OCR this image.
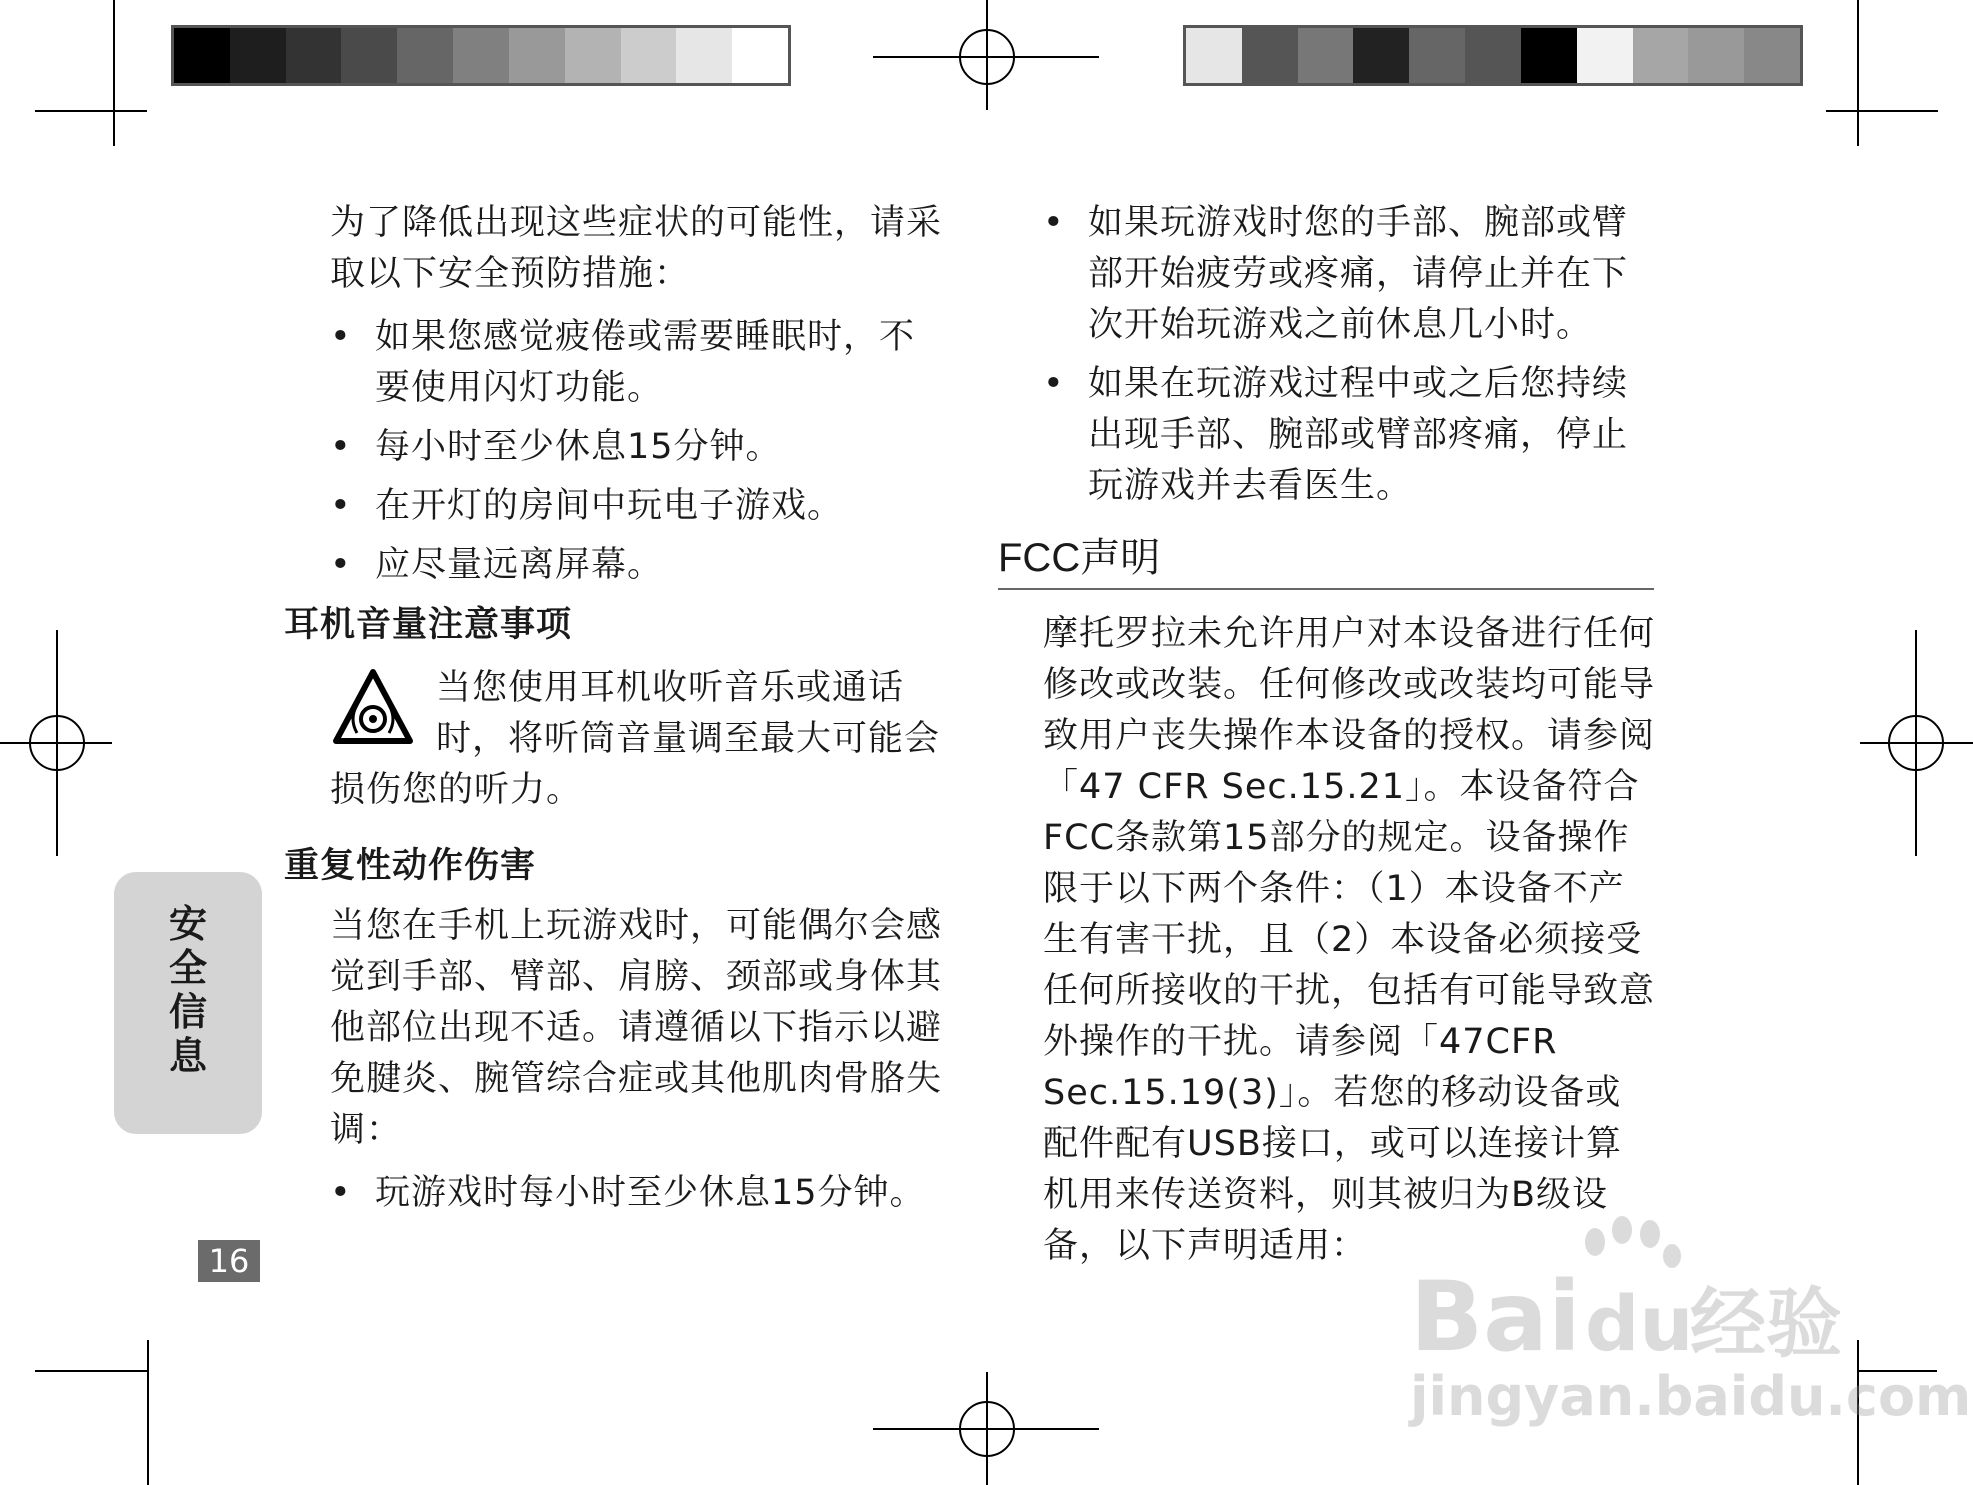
为了降低出现这些症状的可能性，请采取以下安全预防措施：

• 如果您感觉疲倦或需要睡眠时，不要使用闪灯功能。
• 每小时至少休息15分钟。
• 在开灯的房间中玩电子游戏。
• 应尽量远离屏幕。
耳机音量注意事项

当您使用耳机收听音乐或通话时，将听筒音量调至最大可能会损伤您的听力。

重复性动作伤害

当您在手机上玩游戏时，可能偶尔会感觉到手部、臂部、肩膀、颈部或身体其他部位出现不适。请遵循以下指示以避免腱炎、腕管综合症或其他肌肉骨胳失调：

• 玩游戏时每小时至少休息15分钟。
• 如果玩游戏时您的手部、腕部或臂部开始疲劳或疼痛，请停止并在下次开始玩游戏之前休息几小时。
• 如果在玩游戏过程中或之后您持续出现手部、腕部或臂部疼痛，停止玩游戏并去看医生。
FCC声明

摩托罗拉未允许用户对本设备进行任何修改或改装。任何修改或改装均可能导致用户丧失操作本设备的授权。请参阅「47 CFR Sec.15.21」。本设备符合FCC条款第15部分的规定。设备操作限于以下两个条件：（1）本设备不产生有害干扰，且（2）本设备必须接受任何所接收的干扰，包括有可能导致意外操作的干扰。请参阅「47CFR Sec.15.19(3)」。若您的移动设备或配件配有USB接口，或可以连接计算机用来传送资料，则其被归为B级设备，以下声明适用：

安全信息
16	Bai du
经验
jingyan.baidu.com
